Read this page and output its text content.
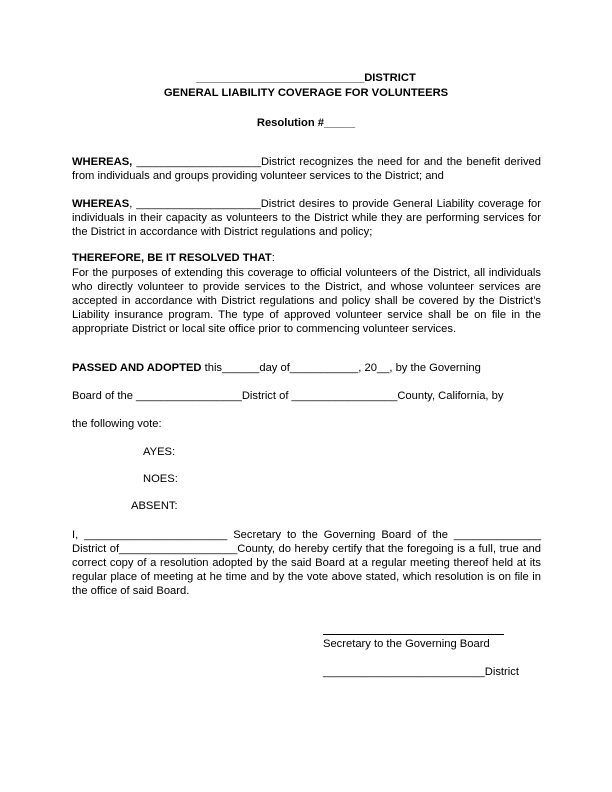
___________________________DISTRICT
GENERAL LIABILITY COVERAGE FOR VOLUNTEERS
Resolution #_____

WHEREAS, ____________________District recognizes the need for and the benefit derived from individuals and groups providing volunteer services to the District; and

WHEREAS, ____________________District desires to provide General Liability coverage for individuals in their capacity as volunteers to the District while they are performing services for the District in accordance with District regulations and policy;

THEREFORE, BE IT RESOLVED THAT:

For the purposes of extending this coverage to official volunteers of the District, all individuals who directly volunteer to provide services to the District, and whose volunteer services are accepted in accordance with District regulations and policy shall be covered by the District’s Liability insurance program. The type of approved volunteer service shall be on file in the appropriate District or local site office prior to commencing volunteer services.

PASSED AND ADOPTED this______day of___________, 20__, by the Governing
Board of the _________________District of _________________County, California, by
the following vote:
AYES:
NOES:
ABSENT:

I, _______________________ Secretary to the Governing Board of the ______________ District of___________________County, do hereby certify that the foregoing is a full, true and correct copy of a resolution adopted by the said Board at a regular meeting thereof held at its regular place of meeting at he time and by the vote above stated, which resolution is on file in the office of said Board.

Secretary to the Governing Board
__________________________District
